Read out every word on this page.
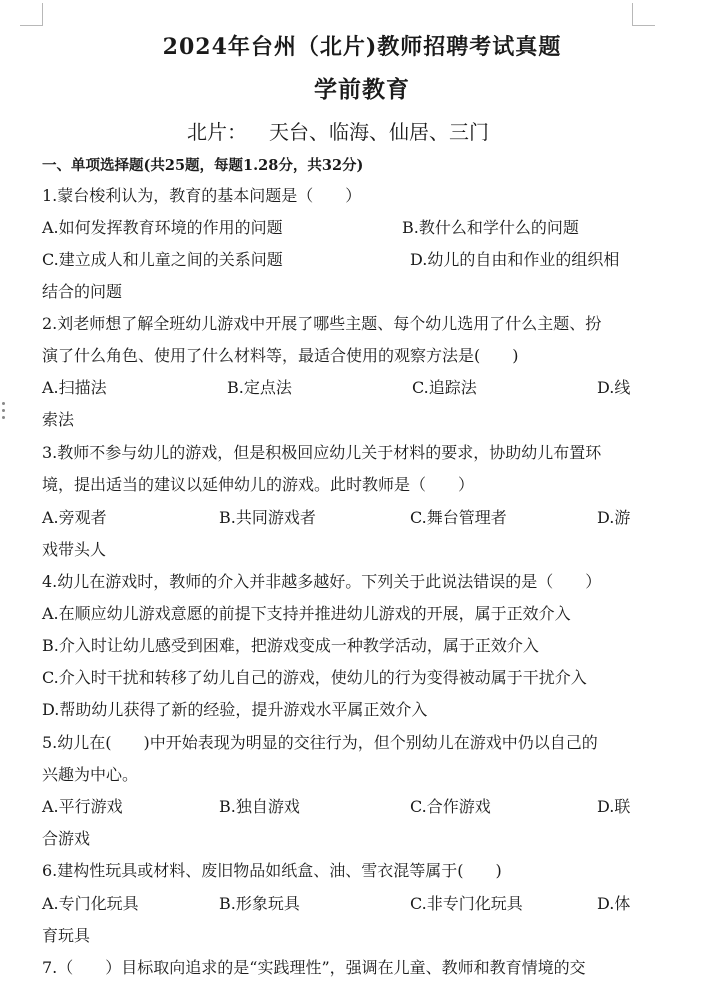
2024年台州（北片)教师招聘考试真题
学前教育
北片： 天台、临海、仙居、三门
一、单项选择题(共25题，每题1.28分，共32分)
1.蒙台梭利认为，教育的基本问题是（　　）
A.如何发挥教育环境的作用的问题	B.教什么和学什么的问题
C.建立成人和儿童之间的关系问题	D.幼儿的自由和作业的组织相
结合的问题
2.刘老师想了解全班幼儿游戏中开展了哪些主题、每个幼儿选用了什么主题、扮
演了什么角色、使用了什么材料等，最适合使用的观察方法是(　　)
A.扫描法	B.定点法	C.追踪法	D.线
索法
3.教师不参与幼儿的游戏，但是积极回应幼儿关于材料的要求，协助幼儿布置环
境，提出适当的建议以延伸幼儿的游戏。此时教师是（　　）
A.旁观者	B.共同游戏者	C.舞台管理者	D.游
戏带头人
4.幼儿在游戏时，教师的介入并非越多越好。下列关于此说法错误的是（　　）
A.在顺应幼儿游戏意愿的前提下支持并推进幼儿游戏的开展，属于正效介入
B.介入时让幼儿感受到困难，把游戏变成一种教学活动，属于正效介入
C.介入时干扰和转移了幼儿自己的游戏，使幼儿的行为变得被动属于干扰介入
D.帮助幼儿获得了新的经验，提升游戏水平属正效介入
5.幼儿在(　　)中开始表现为明显的交往行为，但个别幼儿在游戏中仍以自己的
兴趣为中心。
A.平行游戏	B.独自游戏	C.合作游戏	D.联
合游戏
6.建构性玩具或材料、废旧物品如纸盒、油、雪衣混等属于(　　)
A.专门化玩具	B.形象玩具	C.非专门化玩具	D.体
育玩具
7.（　　）目标取向追求的是“实践理性”，强调在儿童、教师和教育情境的交
